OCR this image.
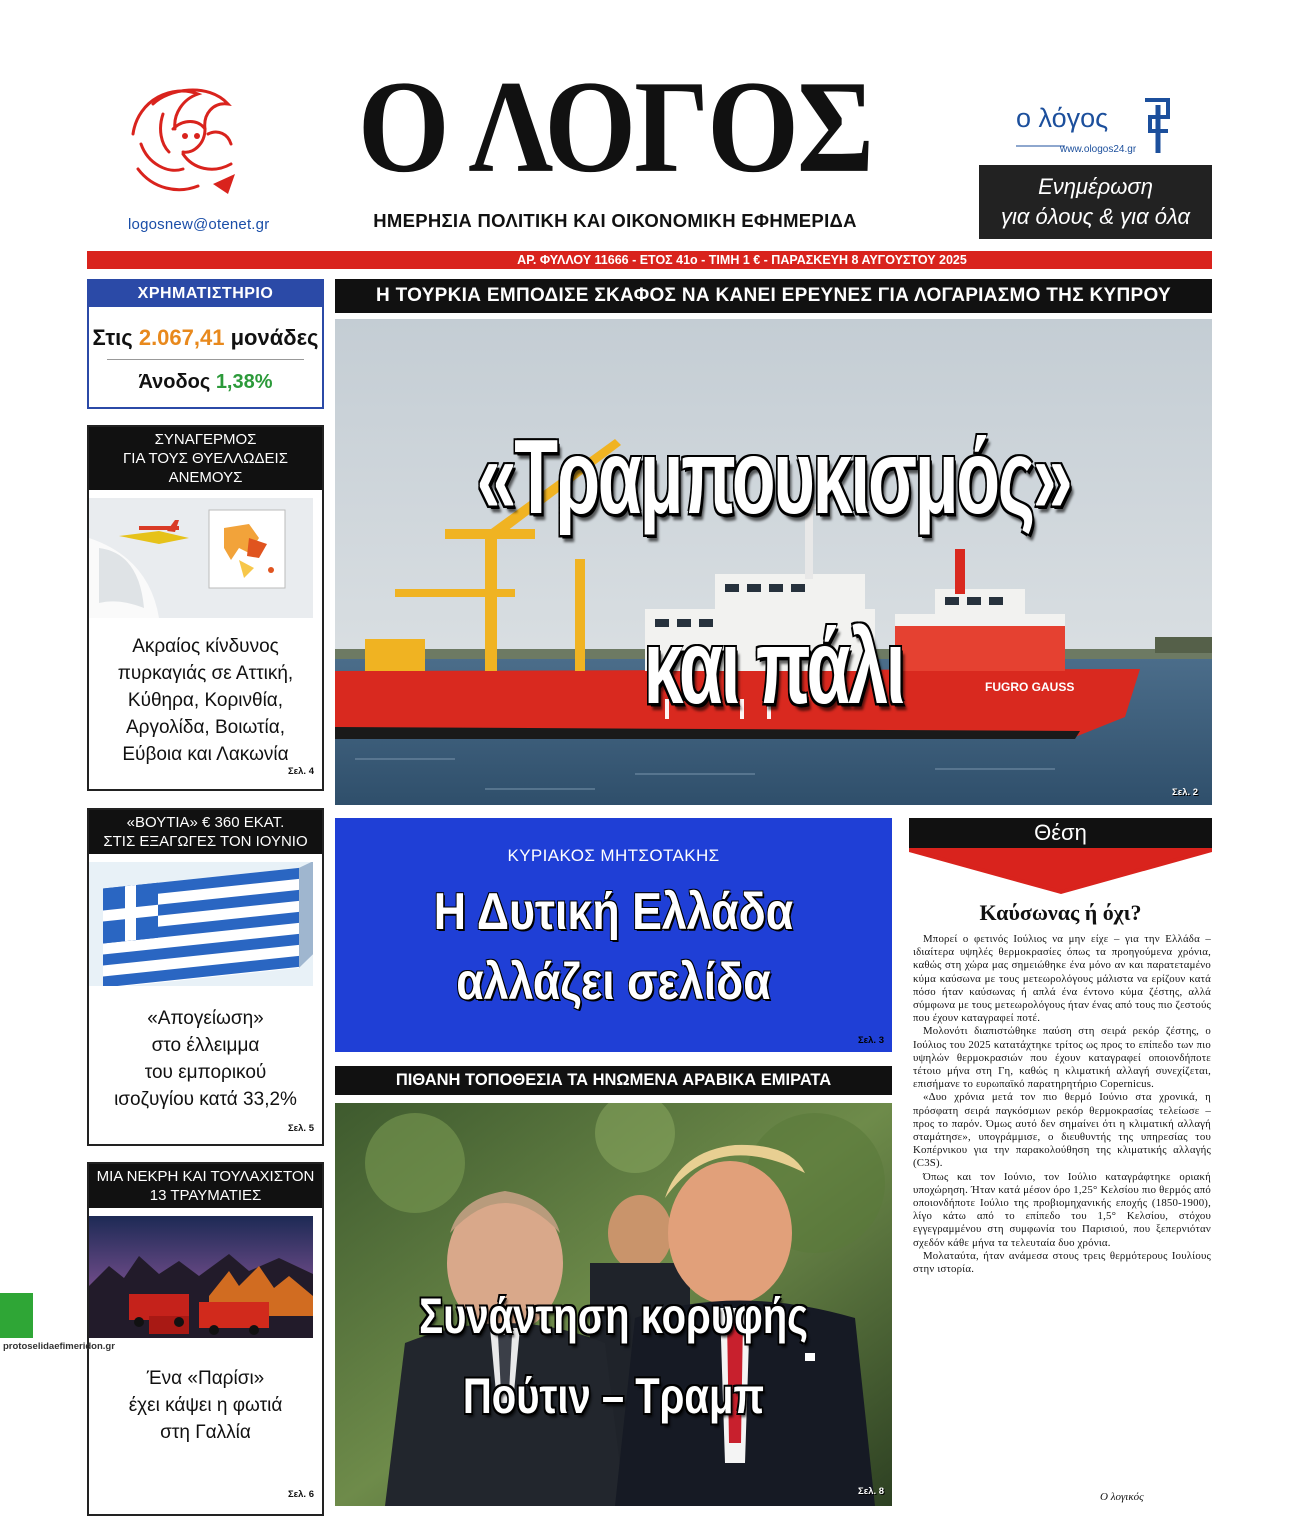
logosnew@otenet.gr
Ο ΛΟΓΟΣ
ΗΜΕΡΗΣΙΑ ΠΟΛΙΤΙΚΗ ΚΑΙ ΟΙΚΟΝΟΜΙΚΗ ΕΦΗΜΕΡΙΔΑ
ο λόγος
www.ologos24.gr
Ενημέρωση
για όλους & για όλα
ΑΡ. ΦΥΛΛΟΥ 11666 - ΕΤΟΣ 41ο - ΤΙΜΗ 1 € - ΠΑΡΑΣΚΕΥΗ 8 ΑΥΓΟΥΣΤΟΥ 2025
ΧΡΗΜΑΤΙΣΤΗΡΙΟ
Στις 2.067,41 μονάδες
Άνοδος 1,38%
ΣΥΝΑΓΕΡΜΟΣ
ΓΙΑ ΤΟΥΣ ΘΥΕΛΛΩΔΕΙΣ ΑΝΕΜΟΥΣ
Ακραίος κίνδυνος
πυρκαγιάς σε Αττική,
Κύθηρα, Κορινθία,
Αργολίδα, Βοιωτία,
Εύβοια και Λακωνία
Σελ. 4
«ΒΟΥΤΙΑ» € 360 ΕΚΑΤ.
ΣΤΙΣ ΕΞΑΓΩΓΕΣ ΤΟΝ ΙΟΥΝΙΟ
«Απογείωση»
στο έλλειμμα
του εμπορικού
ισοζυγίου κατά 33,2%
Σελ. 5
ΜΙΑ ΝΕΚΡΗ ΚΑΙ ΤΟΥΛΑΧΙΣΤΟΝ
13 ΤΡΑΥΜΑΤΙΕΣ
Ένα «Παρίσι»
έχει κάψει η φωτιά
στη Γαλλία
Σελ. 6
Η ΤΟΥΡΚΙΑ ΕΜΠΟΔΙΣΕ ΣΚΑΦΟΣ ΝΑ ΚΑΝΕΙ ΕΡΕΥΝΕΣ ΓΙΑ ΛΟΓΑΡΙΑΣΜΟ ΤΗΣ ΚΥΠΡΟΥ
FUGRO GAUSS
«Τραμπουκισμός»
και πάλι
Σελ. 2
ΚΥΡΙΑΚΟΣ ΜΗΤΣΟΤΑΚΗΣ
Η Δυτική Ελλάδα
αλλάζει σελίδα
Σελ. 3
ΠΙΘΑΝΗ ΤΟΠΟΘΕΣΙΑ ΤΑ ΗΝΩΜΕΝΑ ΑΡΑΒΙΚΑ ΕΜΙΡΑΤΑ
Συνάντηση κορυφής
Πούτιν – Τραμπ
Σελ. 8
Θέση
Καύσωνας ή όχι?

Μπορεί ο φετινός Ιούλιος να μην είχε – για την Ελλάδα – ιδιαίτερα υψηλές θερμοκρασίες όπως τα προηγούμενα χρόνια, καθώς στη χώρα μας σημειώθηκε ένα μόνο αν και παρατεταμένο κύμα καύσωνα με τους μετεωρολόγους μάλιστα να ερίζουν κατά πόσο ήταν καύσωνας ή απλά ένα έντονο κύμα ζέστης, αλλά σύμφωνα με τους μετεωρολόγους ήταν ένας από τους πιο ζεστούς που έχουν καταγραφεί ποτέ.

Μολονότι διαπιστώθηκε παύση στη σειρά ρεκόρ ζέστης, ο Ιούλιος του 2025 κατατάχτηκε τρίτος ως προς το επίπεδο των πιο υψηλών θερμοκρασιών που έχουν καταγραφεί οποιονδήποτε τέτοιο μήνα στη Γη, καθώς η κλιματική αλλαγή συνεχίζεται, επισήμανε το ευρωπαϊκό παρατηρητήριο Copernicus.

«Δυο χρόνια μετά τον πιο θερμό Ιούνιο στα χρονικά, η πρόσφατη σειρά παγκόσμιων ρεκόρ θερμοκρασίας τελείωσε – προς το παρόν. Όμως αυτό δεν σημαίνει ότι η κλιματική αλλαγή σταμάτησε», υπογράμμισε, ο διευθυντής της υπηρεσίας του Κοπέρνικου για την παρακολούθηση της κλιματικής αλλαγής (C3S).

Όπως και τον Ιούνιο, τον Ιούλιο καταγράφτηκε οριακή υποχώρηση. Ήταν κατά μέσον όρο 1,25° Κελσίου πιο θερμός από οποιονδήποτε Ιούλιο της προβιομηχανικής εποχής (1850-1900), λίγο κάτω από το επίπεδο του 1,5° Κελσίου, στόχου εγγεγραμμένου στη συμφωνία του Παρισιού, που ξεπερνιόταν σχεδόν κάθε μήνα τα τελευταία δυο χρόνια.

Μολαταύτα, ήταν ανάμεσα στους τρεις θερμότερους Ιουλίους στην ιστορία.

Ο λογικός
protoselidaefimeridon.gr
